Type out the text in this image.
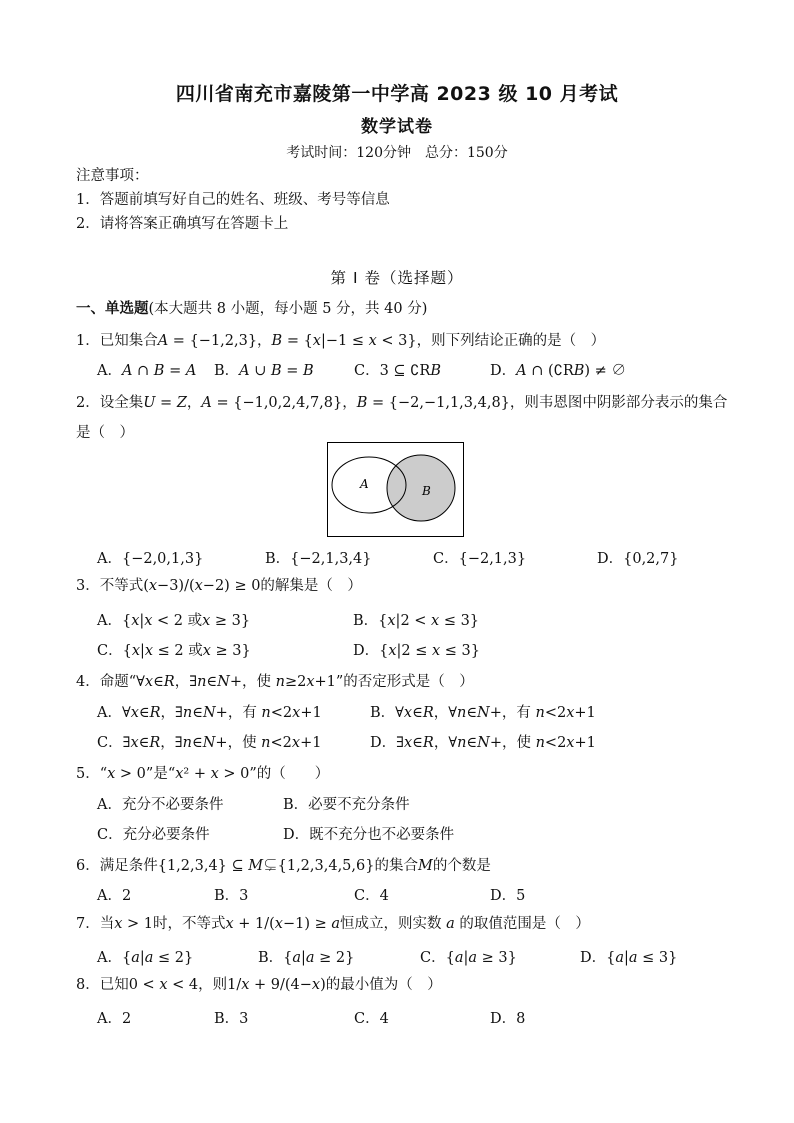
四川省南充市嘉陵第一中学高 2023 级 10 月考试
数学试卷
考试时间：120分钟　总分：150分
注意事项：
1．答题前填写好自己的姓名、班级、考号等信息
2．请将答案正确填写在答题卡上
第 I 卷（选择题）
一、单选题(本大题共 8 小题，每小题 5 分，共 40 分)
1．已知集合𝐴 = {−1,2,3}，𝐵 = {𝑥|−1 ≤ 𝑥 < 3}，则下列结论正确的是（　）
A．𝐴 ∩ 𝐵 = 𝐴 B．𝐴 ∪ 𝐵 = 𝐵	C．3 ⊆ ∁R𝐵	D．𝐴 ∩ (∁R𝐵) ≠ ∅
2．设全集𝑈 = 𝑍，𝐴 = {−1,0,2,4,7,8}，𝐵 = {−2,−1,1,3,4,8}，则韦恩图中阴影部分表示的集合
是（　）
A	B
A．{−2,0,1,3}	B．{−2,1,3,4}	C．{−2,1,3}	D．{0,2,7}
3．不等式(𝑥−3)/(𝑥−2) ≥ 0的解集是（　）
A．{𝑥|𝑥 < 2 或𝑥 ≥ 3}	B．{𝑥|2 < 𝑥 ≤ 3}
C．{𝑥|𝑥 ≤ 2 或𝑥 ≥ 3}	D．{𝑥|2 ≤ 𝑥 ≤ 3}
4．命题“∀𝑥∈𝑅，∃𝑛∈𝑁+，使 𝑛≥2𝑥+1”的否定形式是（　）
A．∀𝑥∈𝑅，∃𝑛∈𝑁+，有 𝑛<2𝑥+1	B．∀𝑥∈𝑅，∀𝑛∈𝑁+，有 𝑛<2𝑥+1
C．∃𝑥∈𝑅，∃𝑛∈𝑁+，使 𝑛<2𝑥+1	D．∃𝑥∈𝑅，∀𝑛∈𝑁+，使 𝑛<2𝑥+1
5．“𝑥 > 0”是“𝑥² + 𝑥 > 0”的（　　）
A．充分不必要条件	B．必要不充分条件
C．充分必要条件	D．既不充分也不必要条件
6．满足条件{1,2,3,4} ⊆ 𝑀⊊{1,2,3,4,5,6}的集合𝑀的个数是
A．2	B．3	C．4	D．5
7．当𝑥 > 1时，不等式𝑥 + 1/(𝑥−1) ≥ 𝑎恒成立，则实数 𝑎 的取值范围是（　）
A．{𝑎|𝑎 ≤ 2}	B．{𝑎|𝑎 ≥ 2}	C．{𝑎|𝑎 ≥ 3}	D．{𝑎|𝑎 ≤ 3}
8．已知0 < 𝑥 < 4，则1/𝑥 + 9/(4−𝑥)的最小值为（　）
A．2	B．3	C．4	D．8
